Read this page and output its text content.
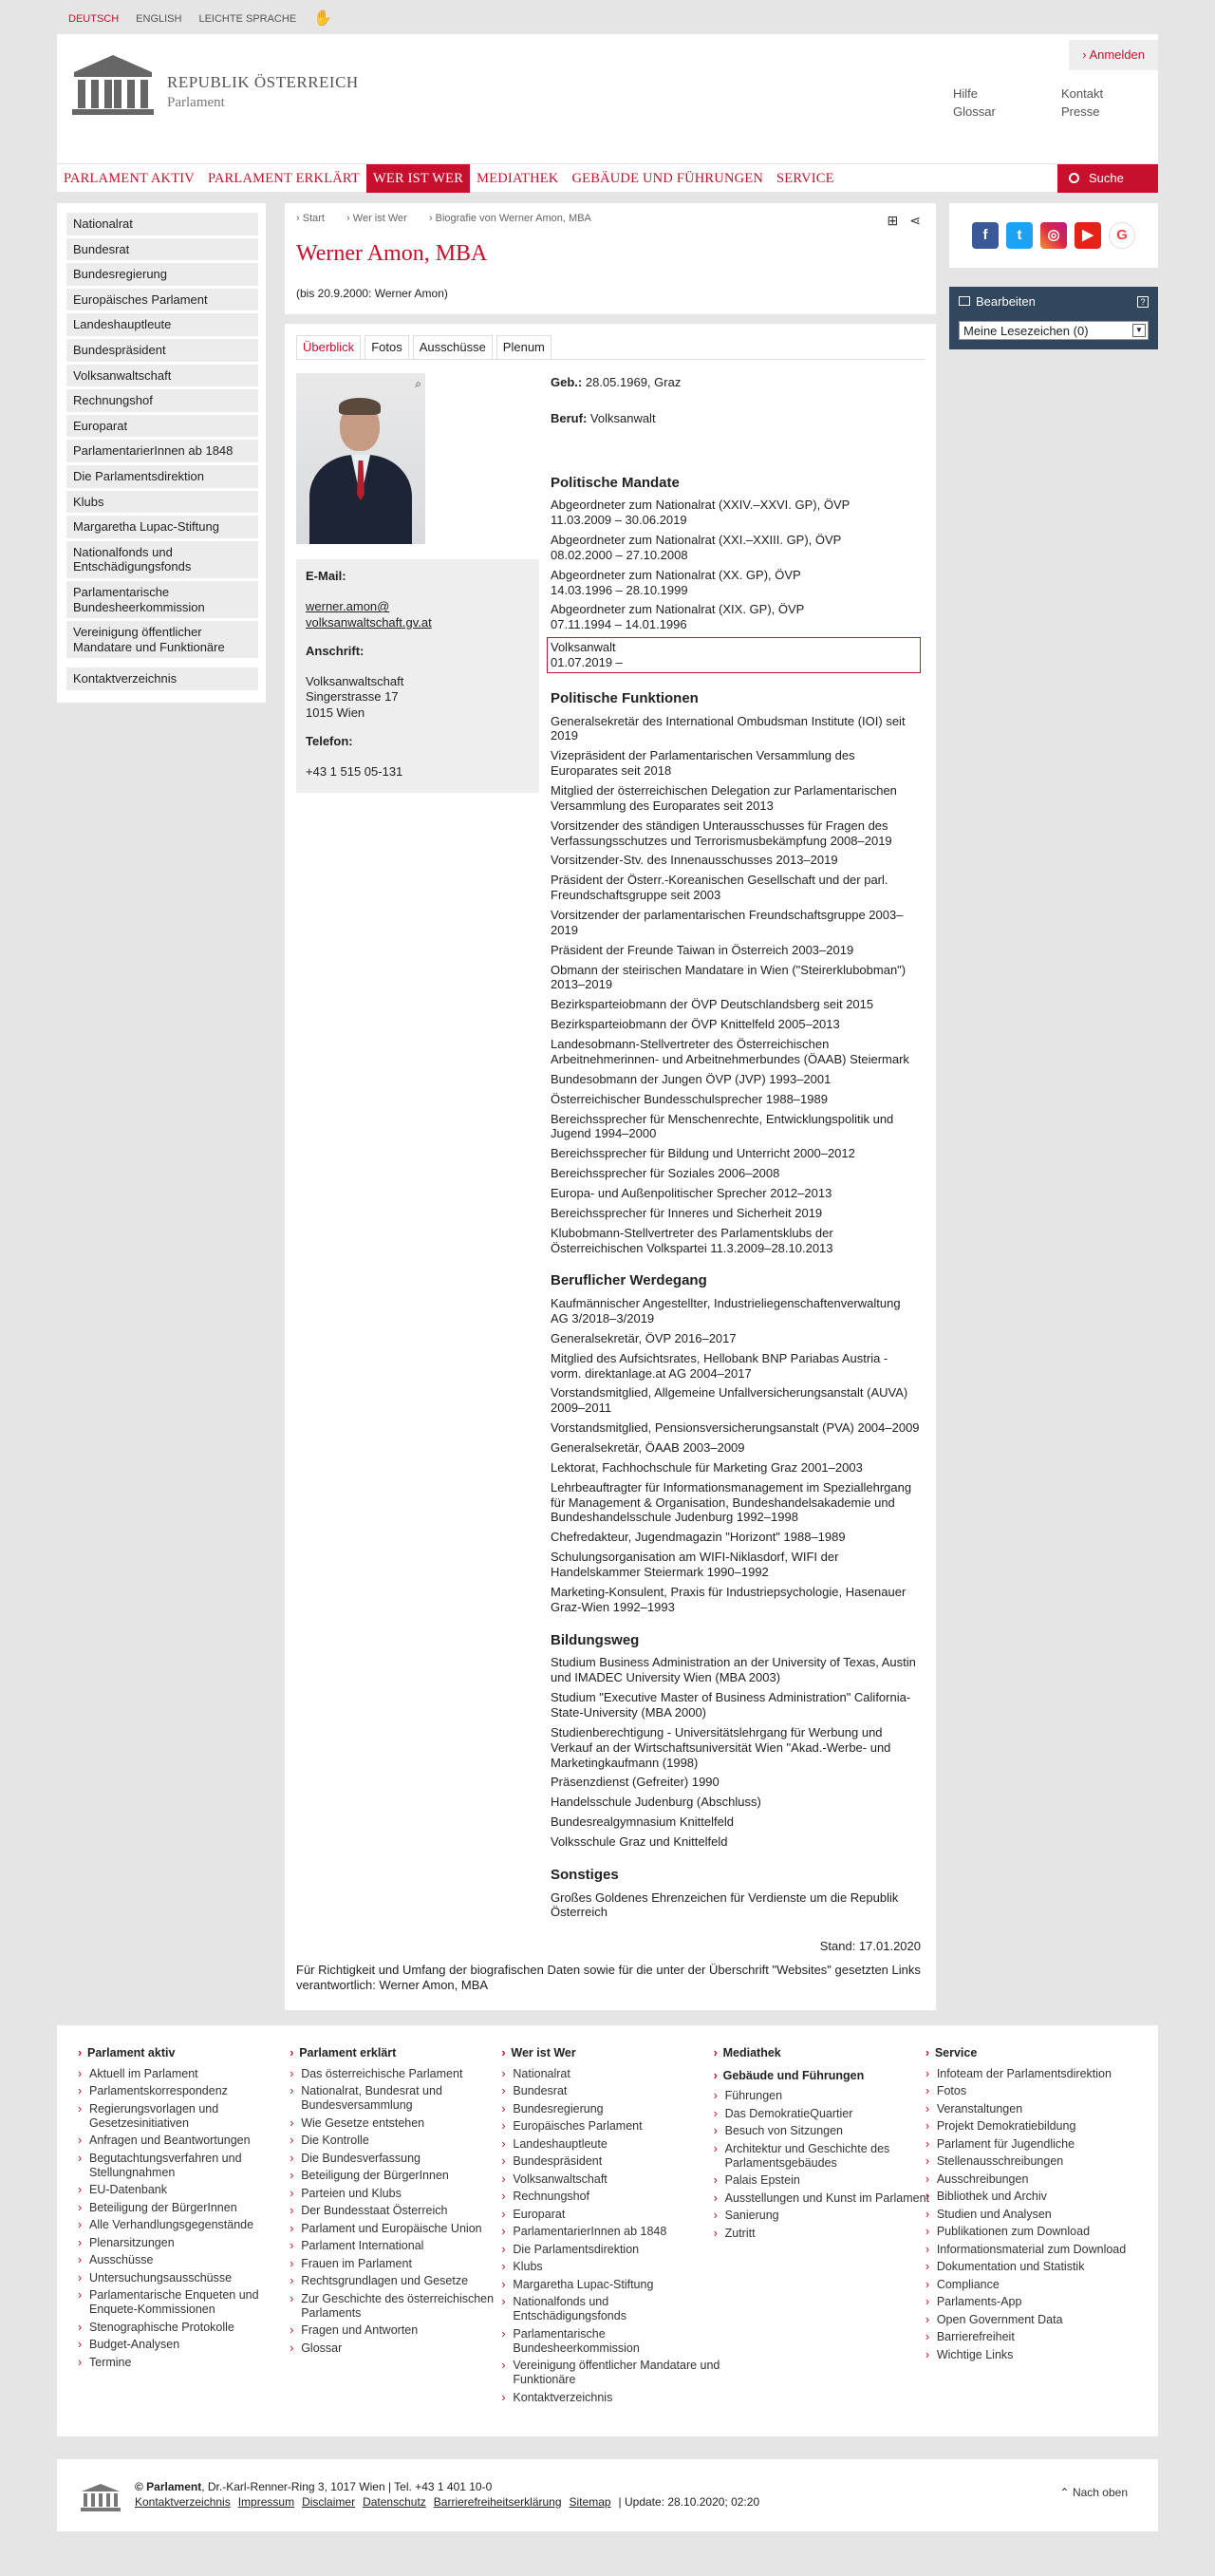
DEUTSCH ENGLISH LEICHTE SPRACHE ✋
REPUBLIK ÖSTERREICH
Parlament
› Anmelden
Hilfe
Glossar
Kontakt
Presse
PARLAMENT AKTIV PARLAMENT ERKLÄRT WER IST WER MEDIATHEK GEBÄUDE UND FÜHRUNGEN SERVICE	Suche
Nationalrat
Bundesrat
Bundesregierung
Europäisches Parlament
Landeshauptleute
Bundespräsident
Volksanwaltschaft
Rechnungshof
Europarat
ParlamentarierInnen ab 1848
Die Parlamentsdirektion
Klubs
Margaretha Lupac-Stiftung
Nationalfonds und Entschädigungsfonds
Parlamentarische Bundesheerkommission
Vereinigung öffentlicher Mandatare und Funktionäre
Kontaktverzeichnis
› Start › Wer ist Wer › Biografie von Werner Amon, MBA	⊞ ⋖
Werner Amon, MBA
(bis 20.9.2000: Werner Amon)
Überblick	Fotos	Ausschüsse	Plenum
⌕
E-Mail:
werner.amon@
volksanwaltschaft.gv.at
Anschrift:
Volksanwaltschaft
Singerstrasse 17
1015 Wien
Telefon:
+43 1 515 05-131
Geb.: 28.05.1969, Graz
Beruf: Volksanwalt
Politische Mandate
Abgeordneter zum Nationalrat (XXIV.–XXVI. GP), ÖVP
11.03.2009 – 30.06.2019
Abgeordneter zum Nationalrat (XXI.–XXIII. GP), ÖVP
08.02.2000 – 27.10.2008
Abgeordneter zum Nationalrat (XX. GP), ÖVP
14.03.1996 – 28.10.1999
Abgeordneter zum Nationalrat (XIX. GP), ÖVP
07.11.1994 – 14.01.1996
Volksanwalt
01.07.2019 –
Politische Funktionen
Generalsekretär des International Ombudsman Institute (IOI) seit 2019
Vizepräsident der Parlamentarischen Versammlung des Europarates seit 2018
Mitglied der österreichischen Delegation zur Parlamentarischen Versammlung des Europarates seit 2013
Vorsitzender des ständigen Unterausschusses für Fragen des Verfassungsschutzes und Terrorismusbekämpfung 2008–2019
Vorsitzender-Stv. des Innenausschusses 2013–2019
Präsident der Österr.-Koreanischen Gesellschaft und der parl. Freundschaftsgruppe seit 2003
Vorsitzender der parlamentarischen Freundschaftsgruppe 2003–2019
Präsident der Freunde Taiwan in Österreich 2003–2019
Obmann der steirischen Mandatare in Wien ("Steirerklubobman") 2013–2019
Bezirksparteiobmann der ÖVP Deutschlandsberg seit 2015
Bezirksparteiobmann der ÖVP Knittelfeld 2005–2013
Landesobmann-Stellvertreter des Österreichischen Arbeitnehmerinnen- und Arbeitnehmerbundes (ÖAAB) Steiermark
Bundesobmann der Jungen ÖVP (JVP) 1993–2001
Österreichischer Bundesschulsprecher 1988–1989
Bereichssprecher für Menschenrechte, Entwicklungspolitik und Jugend 1994–2000
Bereichssprecher für Bildung und Unterricht 2000–2012
Bereichssprecher für Soziales 2006–2008
Europa- und Außenpolitischer Sprecher 2012–2013
Bereichssprecher für Inneres und Sicherheit 2019
Klubobmann-Stellvertreter des Parlamentsklubs der Österreichischen Volkspartei 11.3.2009–28.10.2013
Beruflicher Werdegang
Kaufmännischer Angestellter, Industrieliegenschaftenverwaltung AG 3/2018–3/2019
Generalsekretär, ÖVP 2016–2017
Mitglied des Aufsichtsrates, Hellobank BNP Pariabas Austria - vorm. direktanlage.at AG 2004–2017
Vorstandsmitglied, Allgemeine Unfallversicherungsanstalt (AUVA) 2009–2011
Vorstandsmitglied, Pensionsversicherungsanstalt (PVA) 2004–2009
Generalsekretär, ÖAAB 2003–2009
Lektorat, Fachhochschule für Marketing Graz 2001–2003
Lehrbeauftragter für Informationsmanagement im Speziallehrgang für Management & Organisation, Bundeshandelsakademie und Bundeshandelsschule Judenburg 1992–1998
Chefredakteur, Jugendmagazin "Horizont" 1988–1989
Schulungsorganisation am WIFI-Niklasdorf, WIFI der Handelskammer Steiermark 1990–1992
Marketing-Konsulent, Praxis für Industriepsychologie, Hasenauer Graz-Wien 1992–1993
Bildungsweg
Studium Business Administration an der University of Texas, Austin und IMADEC University Wien (MBA 2003)
Studium "Executive Master of Business Administration" California-State-University (MBA 2000)
Studienberechtigung - Universitätslehrgang für Werbung und Verkauf an der Wirtschaftsuniversität Wien "Akad.-Werbe- und Marketingkaufmann (1998)
Präsenzdienst (Gefreiter) 1990
Handelsschule Judenburg (Abschluss)
Bundesrealgymnasium Knittelfeld
Volksschule Graz und Knittelfeld
Sonstiges
Großes Goldenes Ehrenzeichen für Verdienste um die Republik Österreich
Stand: 17.01.2020
Für Richtigkeit und Umfang der biografischen Daten sowie für die unter der Überschrift "Websites" gesetzten Links verantwortlich: Werner Amon, MBA
f	t	◎	▶	G
Bearbeiten	?
Meine Lesezeichen (0)	▼
› Parlament aktiv
› Aktuell im Parlament
› Parlamentskorrespondenz
› Regierungsvorlagen und Gesetzesinitiativen
› Anfragen und Beantwortungen
› Begutachtungsverfahren und Stellungnahmen
› EU-Datenbank
› Beteiligung der BürgerInnen
› Alle Verhandlungsgegenstände
› Plenarsitzungen
› Ausschüsse
› Untersuchungsausschüsse
› Parlamentarische Enqueten und Enquete-Kommissionen
› Stenographische Protokolle
› Budget-Analysen
› Termine
› Parlament erklärt
› Das österreichische Parlament
› Nationalrat, Bundesrat und Bundesversammlung
› Wie Gesetze entstehen
› Die Kontrolle
› Die Bundesverfassung
› Beteiligung der BürgerInnen
› Parteien und Klubs
› Der Bundesstaat Österreich
› Parlament und Europäische Union
› Parlament International
› Frauen im Parlament
› Rechtsgrundlagen und Gesetze
› Zur Geschichte des österreichischen Parlaments
› Fragen und Antworten
› Glossar
› Wer ist Wer
› Nationalrat
› Bundesrat
› Bundesregierung
› Europäisches Parlament
› Landeshauptleute
› Bundespräsident
› Volksanwaltschaft
› Rechnungshof
› Europarat
› ParlamentarierInnen ab 1848
› Die Parlamentsdirektion
› Klubs
› Margaretha Lupac-Stiftung
› Nationalfonds und Entschädigungsfonds
› Parlamentarische Bundesheerkommission
› Vereinigung öffentlicher Mandatare und Funktionäre
› Kontaktverzeichnis
› Mediathek
› Gebäude und Führungen
› Führungen
› Das DemokratieQuartier
› Besuch von Sitzungen
› Architektur und Geschichte des Parlamentsgebäudes
› Palais Epstein
› Ausstellungen und Kunst im Parlament
› Sanierung
› Zutritt
› Service
› Infoteam der Parlamentsdirektion
› Fotos
› Veranstaltungen
› Projekt Demokratiebildung
› Parlament für Jugendliche
› Stellenausschreibungen
› Ausschreibungen
› Bibliothek und Archiv
› Studien und Analysen
› Publikationen zum Download
› Informationsmaterial zum Download
› Dokumentation und Statistik
› Compliance
› Parlaments-App
› Open Government Data
› Barrierefreiheit
› Wichtige Links
© Parlament, Dr.-Karl-Renner-Ring 3, 1017 Wien | Tel. +43 1 401 10-0
Kontaktverzeichnis Impressum Disclaimer Datenschutz Barrierefreiheitserklärung Sitemap | Update: 28.10.2020; 02:20
⌃ Nach oben
